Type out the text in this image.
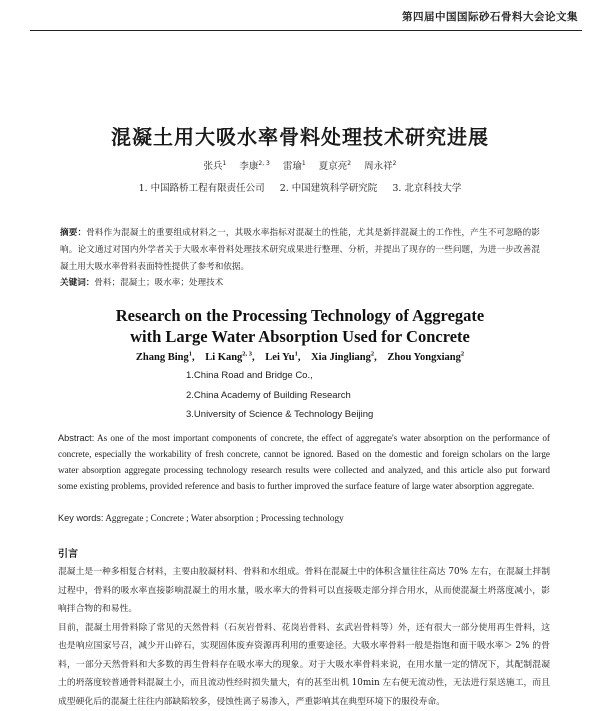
第四届中国国际砂石骨料大会论文集
混凝土用大吸水率骨料处理技术研究进展
张兵$^1$ 李康$^{2, 3}$ 雷瑜$^1$ 夏京亮$^2$ 周永祥$^2$
1. 中国路桥工程有限责任公司 2. 中国建筑科学研究院 3. 北京科技大学
摘要：骨料作为混凝土的重要组成材料之一，其吸水率指标对混凝土的性能，尤其是新拌混凝土的工作性，产生不可忽略的影响。论文通过对国内外学者关于大吸水率骨料处理技术研究成果进行整理、分析，并提出了现存的一些问题，为进一步改善混凝土用大吸水率骨料表面特性提供了参考和依据。
关键词：骨料；混凝土；吸水率；处理技术
Research on the Processing Technology of Aggregate
with Large Water Absorption Used for Concrete
Zhang Bing$^1$, Li Kang$^{2, 3}$, Lei Yu$^1$, Xia Jingliang$^2$, Zhou Yongxiang$^2$
1.China Road and Bridge Co.,
2.China Academy of Building Research
3.University of Science & Technology Beijing
Abstract: As one of the most important components of concrete, the effect of aggregate's water absorption on the performance of concrete, especially the workability of fresh concrete, cannot be ignored. Based on the domestic and foreign scholars on the large water absorption aggregate processing technology research results were collected and analyzed, and this article also put forward some existing problems, provided reference and basis to further improved the surface feature of large water absorption aggregate.
Key words: Aggregate ; Concrete ; Water absorption ; Processing technology
引言

混凝土是一种多相复合材料，主要由胶凝材料、骨料和水组成。骨料在混凝土中的体积含量往往高达 70% 左右，在混凝土拌制过程中，骨料的吸水率直接影响混凝土的用水量，吸水率大的骨料可以直接吸走部分拌合用水，从而使混凝土坍落度减小，影响拌合物的和易性。

目前，混凝土用骨料除了常见的天然骨料（石灰岩骨料、花岗岩骨料、玄武岩骨料等）外，还有很大一部分使用再生骨料，这也是响应国家号召，减少开山碎石，实现固体废弃资源再利用的重要途径。大吸水率骨料一般是指饱和面干吸水率＞ 2% 的骨料，一部分天然骨料和大多数的再生骨料存在吸水率大的现象。对于大吸水率骨料来说，在用水量一定的情况下，其配制混凝土的坍落度较普通骨料混凝土小，而且流动性经时损失量大，有的甚至出机 10min 左右便无流动性，无法进行泵送施工，而且成型硬化后的混凝土往往内部缺陷较多，侵蚀性离子易渗入，严重影响其在典型环境下的服役寿命。
